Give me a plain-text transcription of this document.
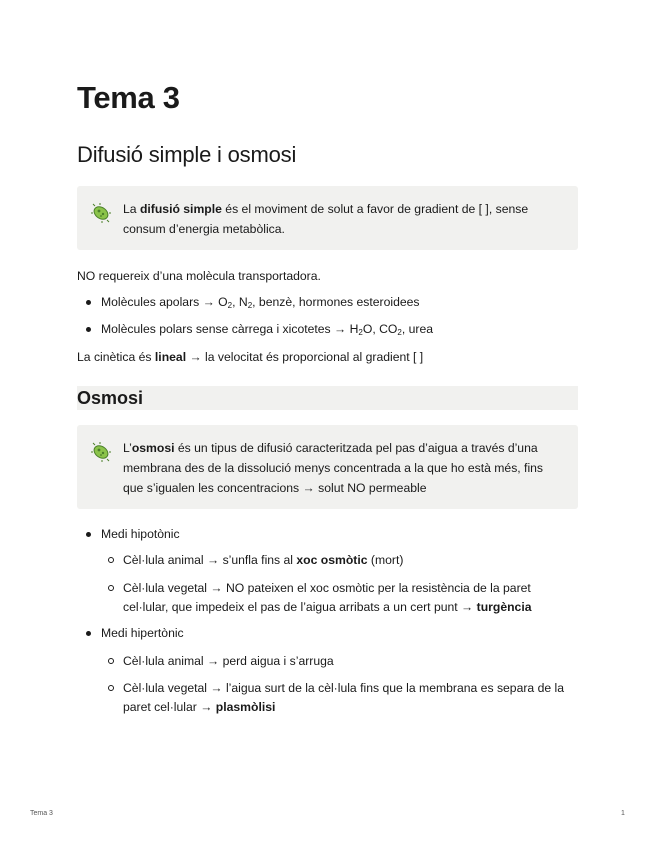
Tema 3
Difusió simple i osmosi
La difusió simple és el moviment de solut a favor de gradient de [ ], sense consum d’energia metabòlica.
NO requereix d’una molècula transportadora.
Molècules apolars → $O_2$, $N_2$, benzè, hormones esteroidees
Molècules polars sense càrrega i xicotetes → $H_2O$, $CO_2$, urea
La cinètica és lineal → la velocitat és proporcional al gradient [ ]
Osmosi
L’osmosi és un tipus de difusió caracteritzada pel pas d’aigua a través d’una membrana des de la dissolució menys concentrada a la que ho està més, fins que s’igualen les concentracions → solut NO permeable
Medi hipotònic
Cèl·lula animal → s’unfla fins al xoc osmòtic (mort)
Cèl·lula vegetal → NO pateixen el xoc osmòtic per la resistència de la paret cel·lular, que impedeix el pas de l’aigua arribats a un cert punt → turgència
Medi hipertònic
Cèl·lula animal → perd aigua i s’arruga
Cèl·lula vegetal → l’aigua surt de la cèl·lula fins que la membrana es separa de la paret cel·lular → plasmòlisi
Tema 3	1
